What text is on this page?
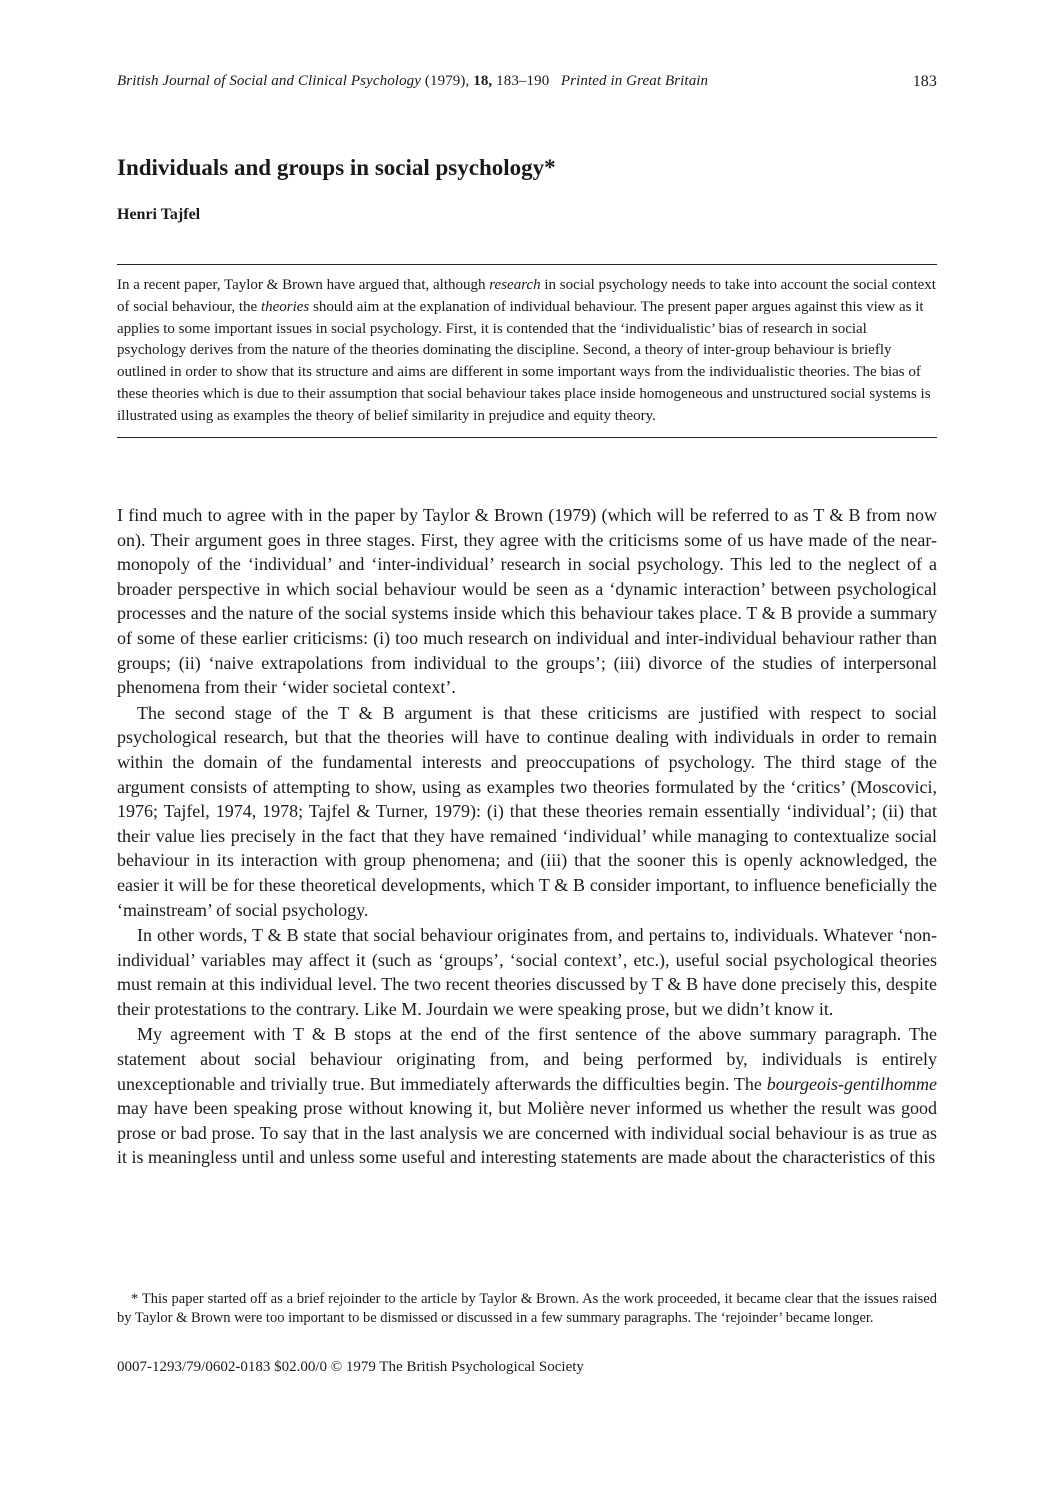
British Journal of Social and Clinical Psychology (1979), 18, 183–190 Printed in Great Britain	183
Individuals and groups in social psychology*
Henri Tajfel

In a recent paper, Taylor & Brown have argued that, although research in social psychology needs to take into account the social context of social behaviour, the theories should aim at the explanation of individual behaviour. The present paper argues against this view as it applies to some important issues in social psychology. First, it is contended that the ‘individualistic’ bias of research in social psychology derives from the nature of the theories dominating the discipline. Second, a theory of inter-group behaviour is briefly outlined in order to show that its structure and aims are different in some important ways from the individualistic theories. The bias of these theories which is due to their assumption that social behaviour takes place inside homogeneous and unstructured social systems is illustrated using as examples the theory of belief similarity in prejudice and equity theory.

I find much to agree with in the paper by Taylor & Brown (1979) (which will be referred to as T & B from now on). Their argument goes in three stages. First, they agree with the criticisms some of us have made of the near-monopoly of the ‘individual’ and ‘inter-individual’ research in social psychology. This led to the neglect of a broader perspective in which social behaviour would be seen as a ‘dynamic interaction’ between psychological processes and the nature of the social systems inside which this behaviour takes place. T & B provide a summary of some of these earlier criticisms: (i) too much research on individual and inter-individual behaviour rather than groups; (ii) ‘naive extrapolations from individual to the groups’; (iii) divorce of the studies of interpersonal phenomena from their ‘wider societal context’.

The second stage of the T & B argument is that these criticisms are justified with respect to social psychological research, but that the theories will have to continue dealing with individuals in order to remain within the domain of the fundamental interests and preoccupations of psychology. The third stage of the argument consists of attempting to show, using as examples two theories formulated by the ‘critics’ (Moscovici, 1976; Tajfel, 1974, 1978; Tajfel & Turner, 1979): (i) that these theories remain essentially ‘individual’; (ii) that their value lies precisely in the fact that they have remained ‘individual’ while managing to contextualize social behaviour in its interaction with group phenomena; and (iii) that the sooner this is openly acknowledged, the easier it will be for these theoretical developments, which T & B consider important, to influence beneficially the ‘mainstream’ of social psychology.

In other words, T & B state that social behaviour originates from, and pertains to, individuals. Whatever ‘non-individual’ variables may affect it (such as ‘groups’, ‘social context’, etc.), useful social psychological theories must remain at this individual level. The two recent theories discussed by T & B have done precisely this, despite their protestations to the contrary. Like M. Jourdain we were speaking prose, but we didn’t know it.

My agreement with T & B stops at the end of the first sentence of the above summary paragraph. The statement about social behaviour originating from, and being performed by, individuals is entirely unexceptionable and trivially true. But immediately afterwards the difficulties begin. The bourgeois-gentilhomme may have been speaking prose without knowing it, but Molière never informed us whether the result was good prose or bad prose. To say that in the last analysis we are concerned with individual social behaviour is as true as it is meaningless until and unless some useful and interesting statements are made about the characteristics of this

* This paper started off as a brief rejoinder to the article by Taylor & Brown. As the work proceeded, it became clear that the issues raised by Taylor & Brown were too important to be dismissed or discussed in a few summary paragraphs. The ‘rejoinder’ became longer.

0007-1293/79/0602-0183 $02.00/0 © 1979 The British Psychological Society
